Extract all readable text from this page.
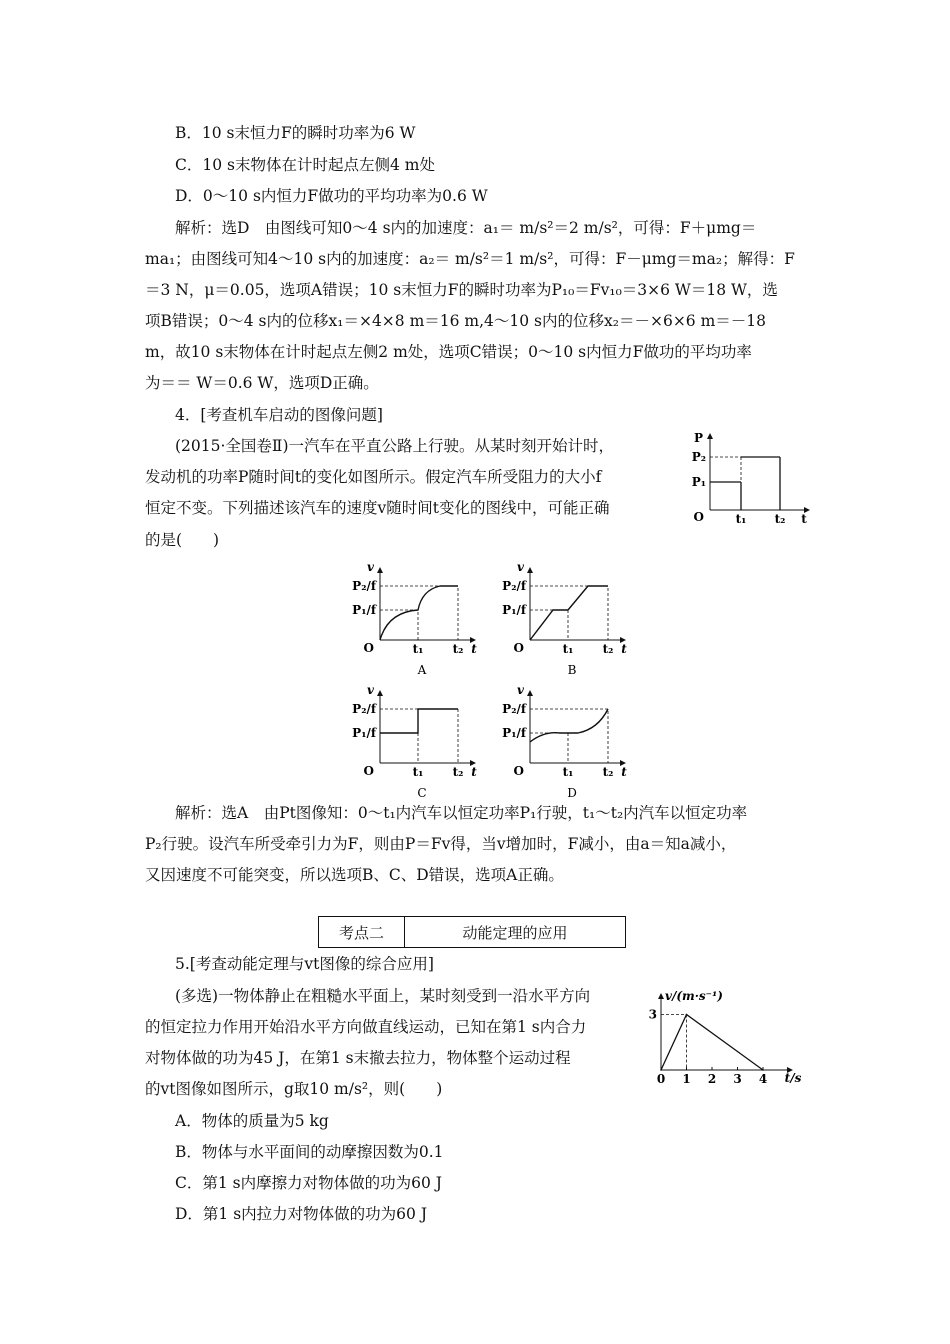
B．10 s末恒力F的瞬时功率为6 W
C．10 s末物体在计时起点左侧4 m处
D．0～10 s内恒力F做功的平均功率为0.6 W
解析：选D　由图线可知0～4 s内的加速度：a₁＝ m/s²＝2 m/s²，可得：F＋μmg＝
ma₁；由图线可知4～10 s内的加速度：a₂＝ m/s²＝1 m/s²，可得：F－μmg＝ma₂；解得：F
＝3 N，μ＝0.05，选项A错误；10 s末恒力F的瞬时功率为P₁₀＝Fv₁₀＝3×6 W＝18 W，选
项B错误；0～4 s内的位移x₁＝×4×8 m＝16 m,4～10 s内的位移x₂＝－×6×6 m＝－18
m，故10 s末物体在计时起点左侧2 m处，选项C错误；0～10 s内恒力F做功的平均功率
为＝＝ W＝0.6 W，选项D正确。
4．[考查机车启动的图像问题]
(2015·全国卷Ⅱ)一汽车在平直公路上行驶。从某时刻开始计时，
发动机的功率P随时间t的变化如图所示。假定汽车所受阻力的大小f
恒定不变。下列描述该汽车的速度v随时间t变化的图线中，可能正确
的是(　　)
P
P₂
P₁
O	t₁ t₂ t
v
P₂/f
P₁/f
O	t₁ t₂ t
A
v
P₂/f
P₁/f
O	t₁ t₂ t
B
v
P₂/f
P₁/f
O	t₁ t₂ t
C
v
P₂/f
P₁/f
O	t₁ t₂ t
D
解析：选A　由Pt图像知：0～t₁内汽车以恒定功率P₁行驶，t₁～t₂内汽车以恒定功率
P₂行驶。设汽车所受牵引力为F，则由P＝Fv得，当v增加时，F减小，由a＝知a减小，
又因速度不可能突变，所以选项B、C、D错误，选项A正确。
考点二	动能定理的应用
5.[考查动能定理与vt图像的综合应用]
(多选)一物体静止在粗糙水平面上，某时刻受到一沿水平方向
的恒定拉力作用开始沿水平方向做直线运动，已知在第1 s内合力
对物体做的功为45 J，在第1 s末撤去拉力，物体整个运动过程
的vt图像如图所示，g取10 m/s²，则(　　)
A．物体的质量为5 kg
B．物体与水平面间的动摩擦因数为0.1
C．第1 s内摩擦力对物体做的功为60 J
D．第1 s内拉力对物体做的功为60 J
v/(m·s⁻¹)
t/s
0 1 2 3 4
3
